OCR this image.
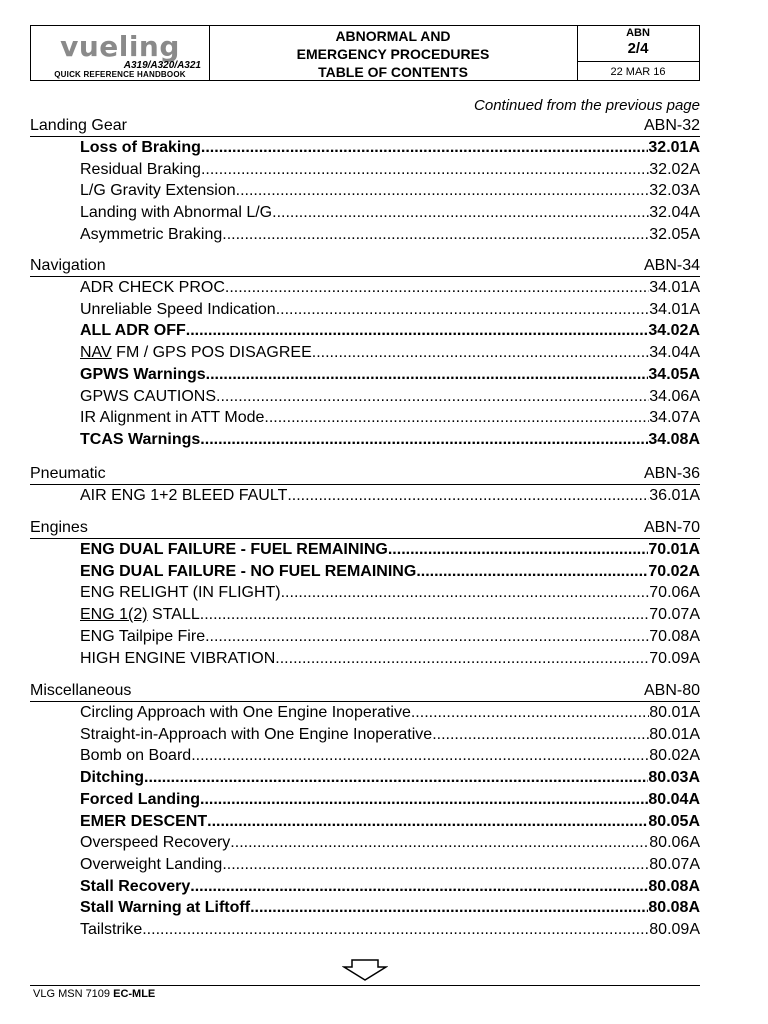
vueling
A319/A320/A321
QUICK REFERENCE HANDBOOK
ABNORMAL AND
EMERGENCY PROCEDURES
TABLE OF CONTENTS
ABN
2/4
22 MAR 16
Continued from the previous page
Landing Gear	ABN-32
Loss of Braking .....	32.01A
Residual Braking .....	32.02A
L/G Gravity Extension .....	32.03A
Landing with Abnormal L/G .....	32.04A
Asymmetric Braking .....	32.05A
Navigation	ABN-34
ADR CHECK PROC .....	34.01A
Unreliable Speed Indication .....	34.01A
ALL ADR OFF .....	34.02A
NAV FM / GPS POS DISAGREE .....	34.04A
GPWS Warnings .....	34.05A
GPWS CAUTIONS .....	34.06A
IR Alignment in ATT Mode .....	34.07A
TCAS Warnings .....	34.08A
Pneumatic	ABN-36
AIR ENG 1+2 BLEED FAULT .....	36.01A
Engines	ABN-70
ENG DUAL FAILURE - FUEL REMAINING .....	70.01A
ENG DUAL FAILURE - NO FUEL REMAINING .....	70.02A
ENG RELIGHT (IN FLIGHT) .....	70.06A
ENG 1(2) STALL .....	70.07A
ENG Tailpipe Fire .....	70.08A
HIGH ENGINE VIBRATION .....	70.09A
Miscellaneous	ABN-80
Circling Approach with One Engine Inoperative .....	80.01A
Straight-in-Approach with One Engine Inoperative .....	80.01A
Bomb on Board .....	80.02A
Ditching .....	80.03A
Forced Landing .....	80.04A
EMER DESCENT .....	80.05A
Overspeed Recovery .....	80.06A
Overweight Landing .....	80.07A
Stall Recovery .....	80.08A
Stall Warning at Liftoff .....	80.08A
Tailstrike .....	80.09A
VLG MSN 7109 EC-MLE
